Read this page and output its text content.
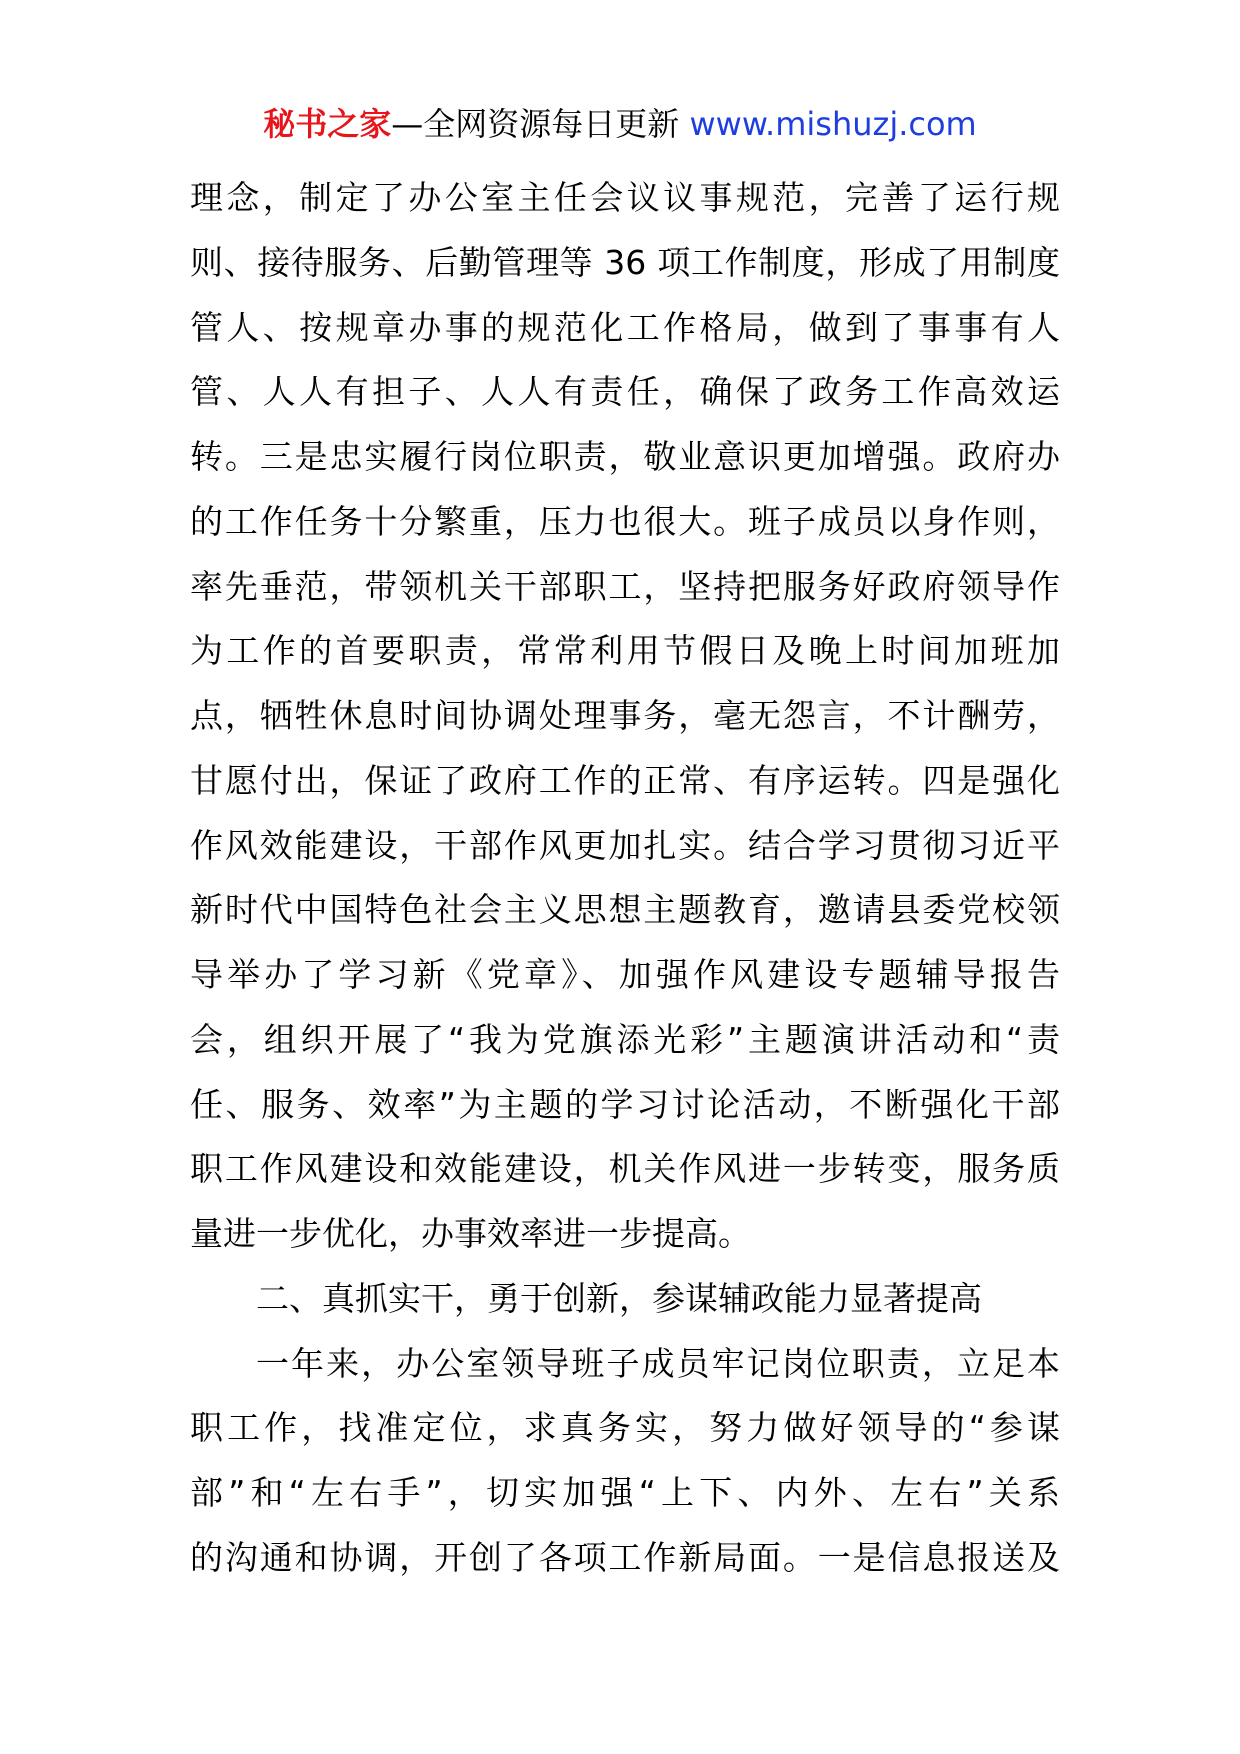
秘书之家—全网资源每日更新 www.mishuzj.com
理念，制定了办公室主任会议议事规范，完善了运行规
则、接待服务、后勤管理等 36 项工作制度，形成了用制度
管人、按规章办事的规范化工作格局，做到了事事有人
管、人人有担子、人人有责任，确保了政务工作高效运
转。三是忠实履行岗位职责，敬业意识更加增强。政府办
的工作任务十分繁重，压力也很大。班子成员以身作则，
率先垂范，带领机关干部职工，坚持把服务好政府领导作
为工作的首要职责，常常利用节假日及晚上时间加班加
点，牺牲休息时间协调处理事务，毫无怨言，不计酬劳，
甘愿付出，保证了政府工作的正常、有序运转。四是强化
作风效能建设，干部作风更加扎实。结合学习贯彻习近平
新时代中国特色社会主义思想主题教育，邀请县委党校领
导举办了学习新《党章》、加强作风建设专题辅导报告
会，组织开展了“我为党旗添光彩”主题演讲活动和“责
任、服务、效率”为主题的学习讨论活动，不断强化干部
职工作风建设和效能建设，机关作风进一步转变，服务质
量进一步优化，办事效率进一步提高。
二、真抓实干，勇于创新，参谋辅政能力显著提高
一年来，办公室领导班子成员牢记岗位职责，立足本
职工作，找准定位，求真务实，努力做好领导的“参谋
部”和“左右手”，切实加强“上下、内外、左右”关系
的沟通和协调，开创了各项工作新局面。一是信息报送及
